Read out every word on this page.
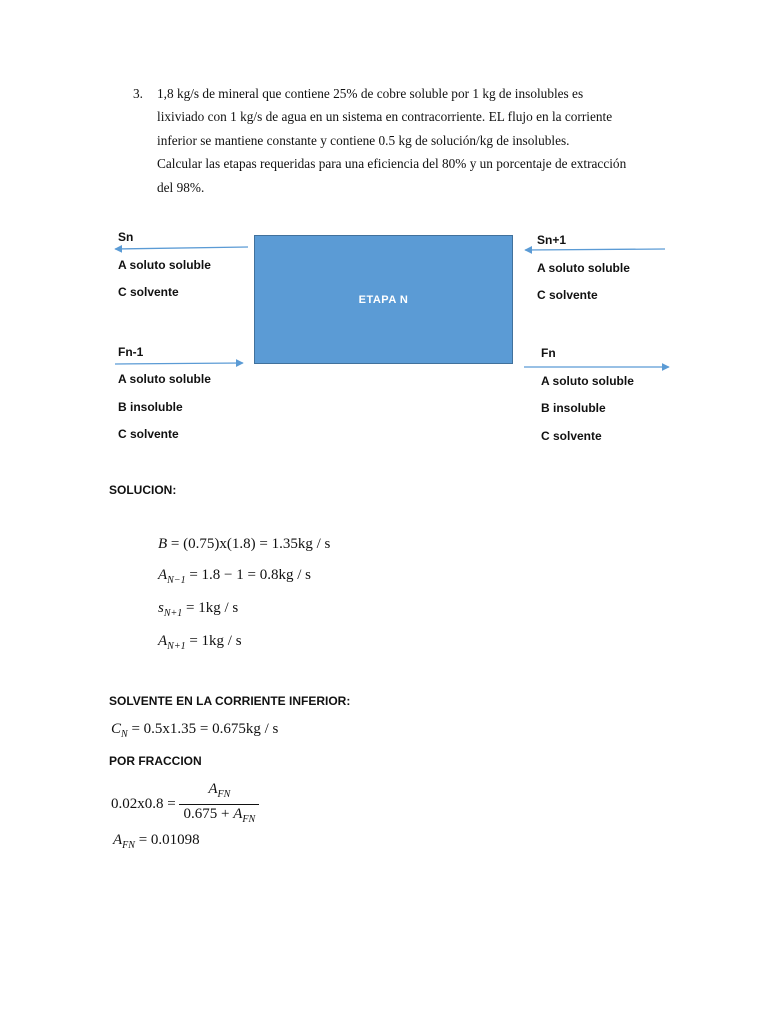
3. 1,8 kg/s de mineral que contiene 25% de cobre soluble por 1 kg de insolubles es
lixiviado con 1 kg/s de agua en un sistema en contracorriente. EL flujo en la corriente
inferior se mantiene constante y contiene 0.5 kg de solución/kg de insolubles.
Calcular las etapas requeridas para una eficiencia del 80% y un porcentaje de extracción
del 98%.
ETAPA N
Sn
A soluto soluble
C solvente
Sn+1
A soluto soluble
C solvente
Fn-1
A soluto soluble
B insoluble
C solvente
Fn
A soluto soluble
B insoluble
C solvente
SOLUCION:
B = (0.75)x(1.8) = 1.35kg / s
$A_{N-1} = 1.8 - 1 = 0.8kg / s$
$s_{N+1} = 1kg / s$
$A_{N+1} = 1kg / s$
SOLVENTE EN LA CORRIENTE INFERIOR:
$C_N = 0.5x1.35 = 0.675kg / s$
POR FRACCION
$0.02x0.8 = \frac{A_{FN}}{0.675 + A_{FN}}$
$A_{FN} = 0.01098$
